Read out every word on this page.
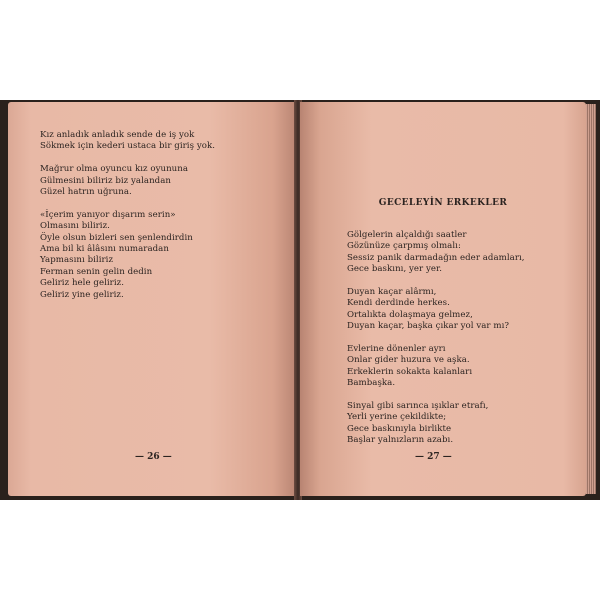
Kız anladık anladık sende de iş yok
Sökmek için kederi ustaca bir giriş yok.
Mağrur olma oyuncu kız oyununa
Gülmesini biliriz biz yalandan
Güzel hatrın uğruna.
«İçerim yanıyor dışarım serin»
Olmasını biliriz.
Öyle olsun bizleri sen şenlendirdin
Ama bil ki âlâsını numaradan
Yapmasını biliriz
Ferman senin gelin dedin
Geliriz hele geliriz.
Geliriz yine geliriz.
— 26 —
GECELEYİN ERKEKLER
Gölgelerin alçaldığı saatler
Gözünüze çarpmış olmalı:
Sessiz panik darmadağın eder adamları,
Gece baskını, yer yer.
Duyan kaçar alârmı,
Kendi derdinde herkes.
Ortalıkta dolaşmaya gelmez,
Duyan kaçar, başka çıkar yol var mı?
Evlerine dönenler ayrı
Onlar gider huzura ve aşka.
Erkeklerin sokakta kalanları
Bambaşka.
Sinyal gibi sarınca ışıklar etrafı,
Yerli yerine çekildikte;
Gece baskınıyla birlikte
Başlar yalnızların azabı.
— 27 —
